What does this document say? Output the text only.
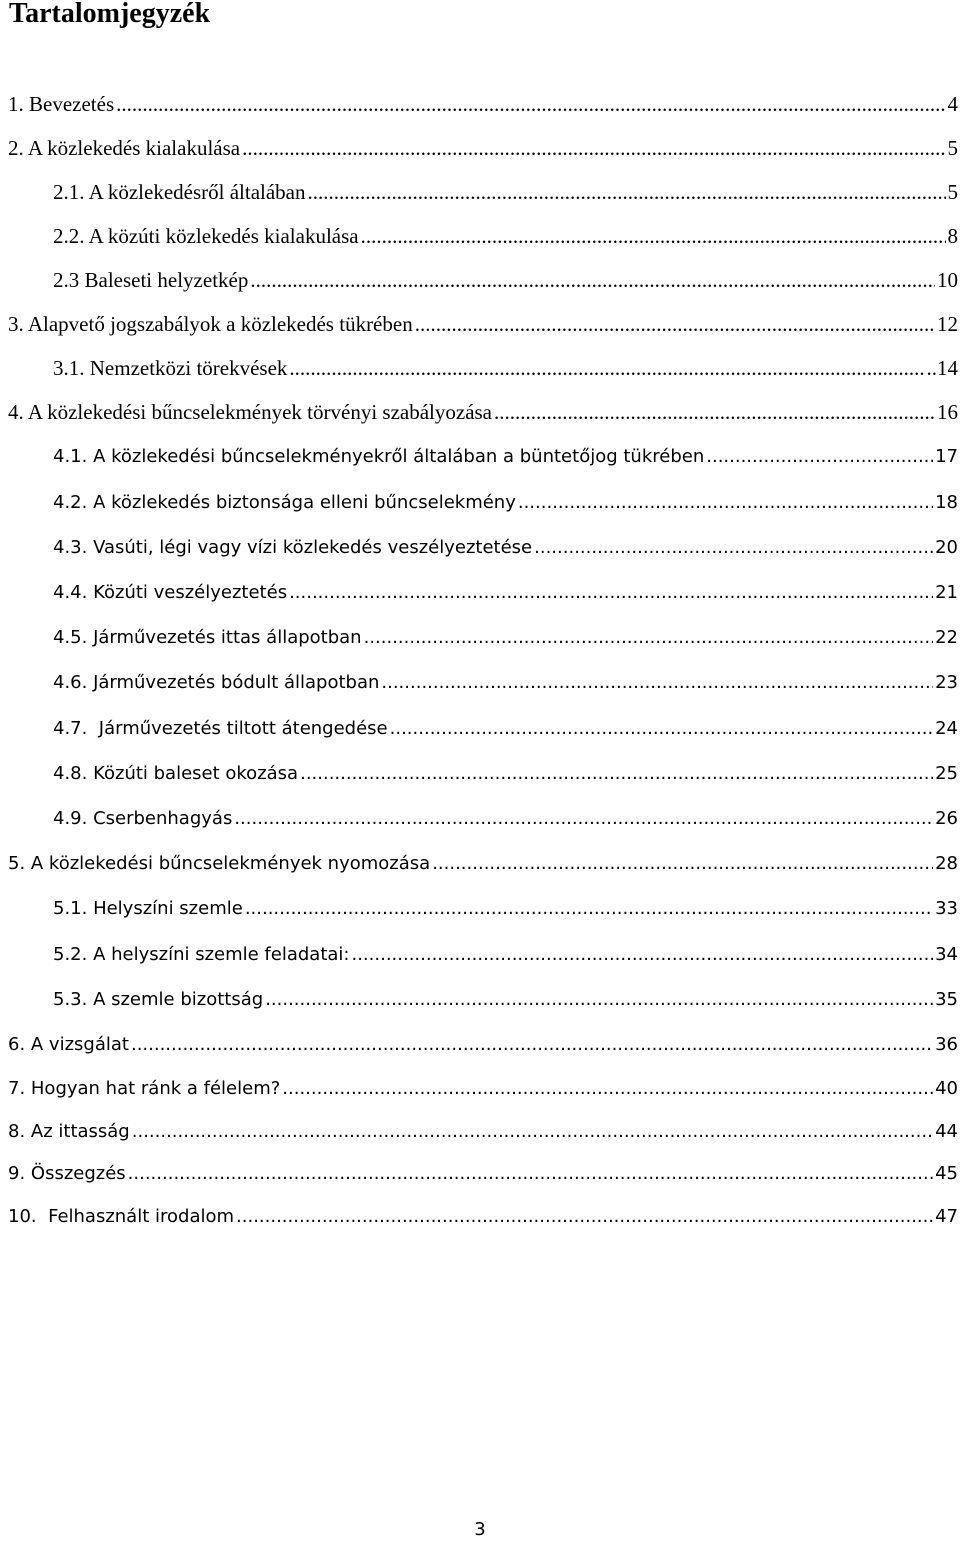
Tartalomjegyzék
1. Bevezetés .....	4
2. A közlekedés kialakulása .....	5
2.1. A közlekedésről általában .....	5
2.2. A közúti közlekedés kialakulása .....	8
2.3 Baleseti helyzetkép .....	10
3. Alapvető jogszabályok a közlekedés tükrében .....	12
3.1. Nemzetközi törekvések .....	..14
4. A közlekedési bűncselekmények törvényi szabályozása .....	16
4.1. A közlekedési bűncselekményekről általában a büntetőjog tükrében .....	17
4.2. A közlekedés biztonsága elleni bűncselekmény .....	18
4.3. Vasúti, légi vagy vízi közlekedés veszélyeztetése .....	20
4.4. Közúti veszélyeztetés .....	21
4.5. Járművezetés ittas állapotban .....	22
4.6. Járművezetés bódult állapotban .....	23
4.7.  Járművezetés tiltott átengedése .....	24
4.8. Közúti baleset okozása .....	25
4.9. Cserbenhagyás .....	26
5. A közlekedési bűncselekmények nyomozása .....	28
5.1. Helyszíni szemle .....	33
5.2. A helyszíni szemle feladatai: .....	34
5.3. A szemle bizottság .....	35
6. A vizsgálat .....	36
7. Hogyan hat ránk a félelem? .....	40
8. Az ittasság .....	44
9. Összegzés .....	45
10.  Felhasznált irodalom .....	47
3
